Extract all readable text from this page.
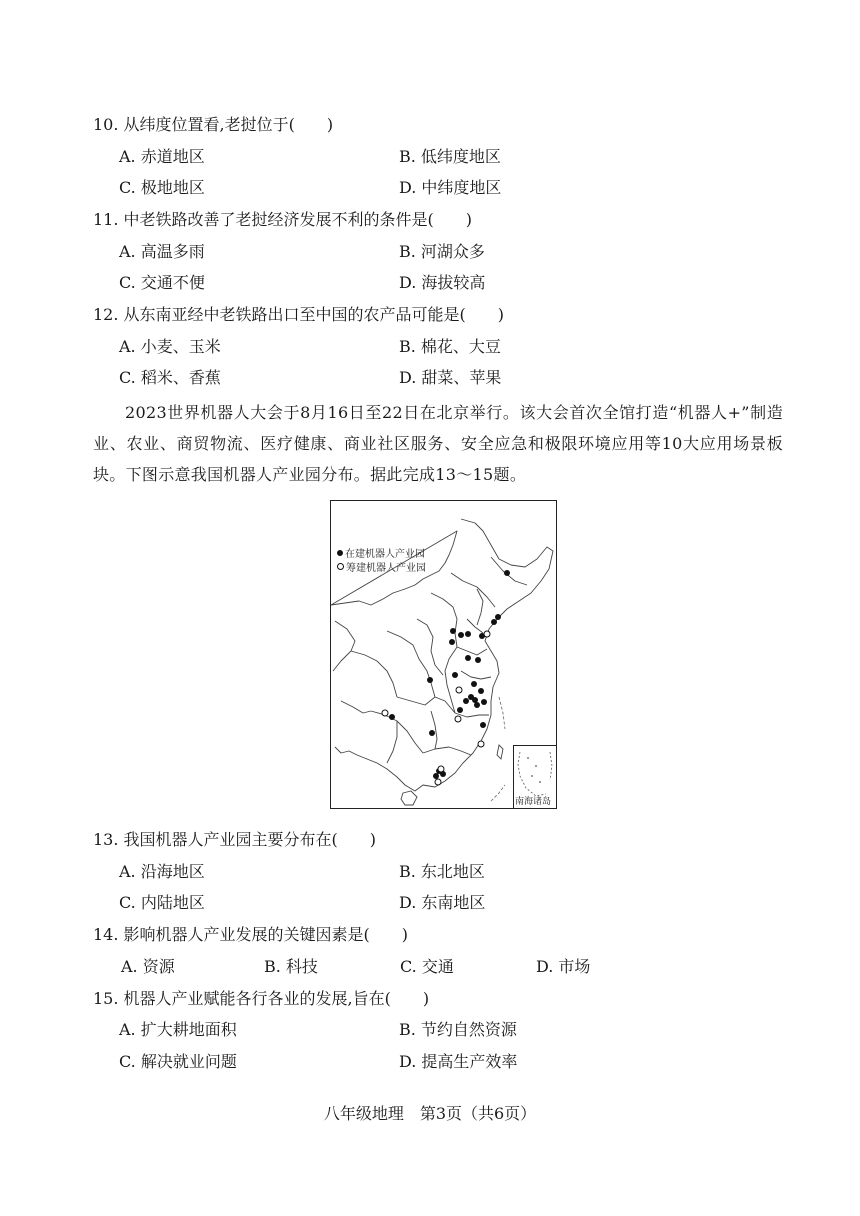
10. 从纬度位置看,老挝位于(　　)
A. 赤道地区	B. 低纬度地区
C. 极地地区	D. 中纬度地区
11. 中老铁路改善了老挝经济发展不利的条件是(　　)
A. 高温多雨	B. 河湖众多
C. 交通不便	D. 海拔较高
12. 从东南亚经中老铁路出口至中国的农产品可能是(　　)
A. 小麦、玉米	B. 棉花、大豆
C. 稻米、香蕉	D. 甜菜、苹果
2023世界机器人大会于8月16日至22日在北京举行。该大会首次全馆打造“机器人+”制造业、农业、商贸物流、医疗健康、商业社区服务、安全应急和极限环境应用等10大应用场景板块。下图示意我国机器人产业园分布。据此完成13～15题。
在建机器人产业园
筹建机器人产业园
南海诸岛
13. 我国机器人产业园主要分布在(　　)
A. 沿海地区	B. 东北地区
C. 内陆地区	D. 东南地区
14. 影响机器人产业发展的关键因素是(　　)
A. 资源	B. 科技	C. 交通	D. 市场
15. 机器人产业赋能各行各业的发展,旨在(　　)
A. 扩大耕地面积	B. 节约自然资源
C. 解决就业问题	D. 提高生产效率
八年级地理　第3页（共6页）
